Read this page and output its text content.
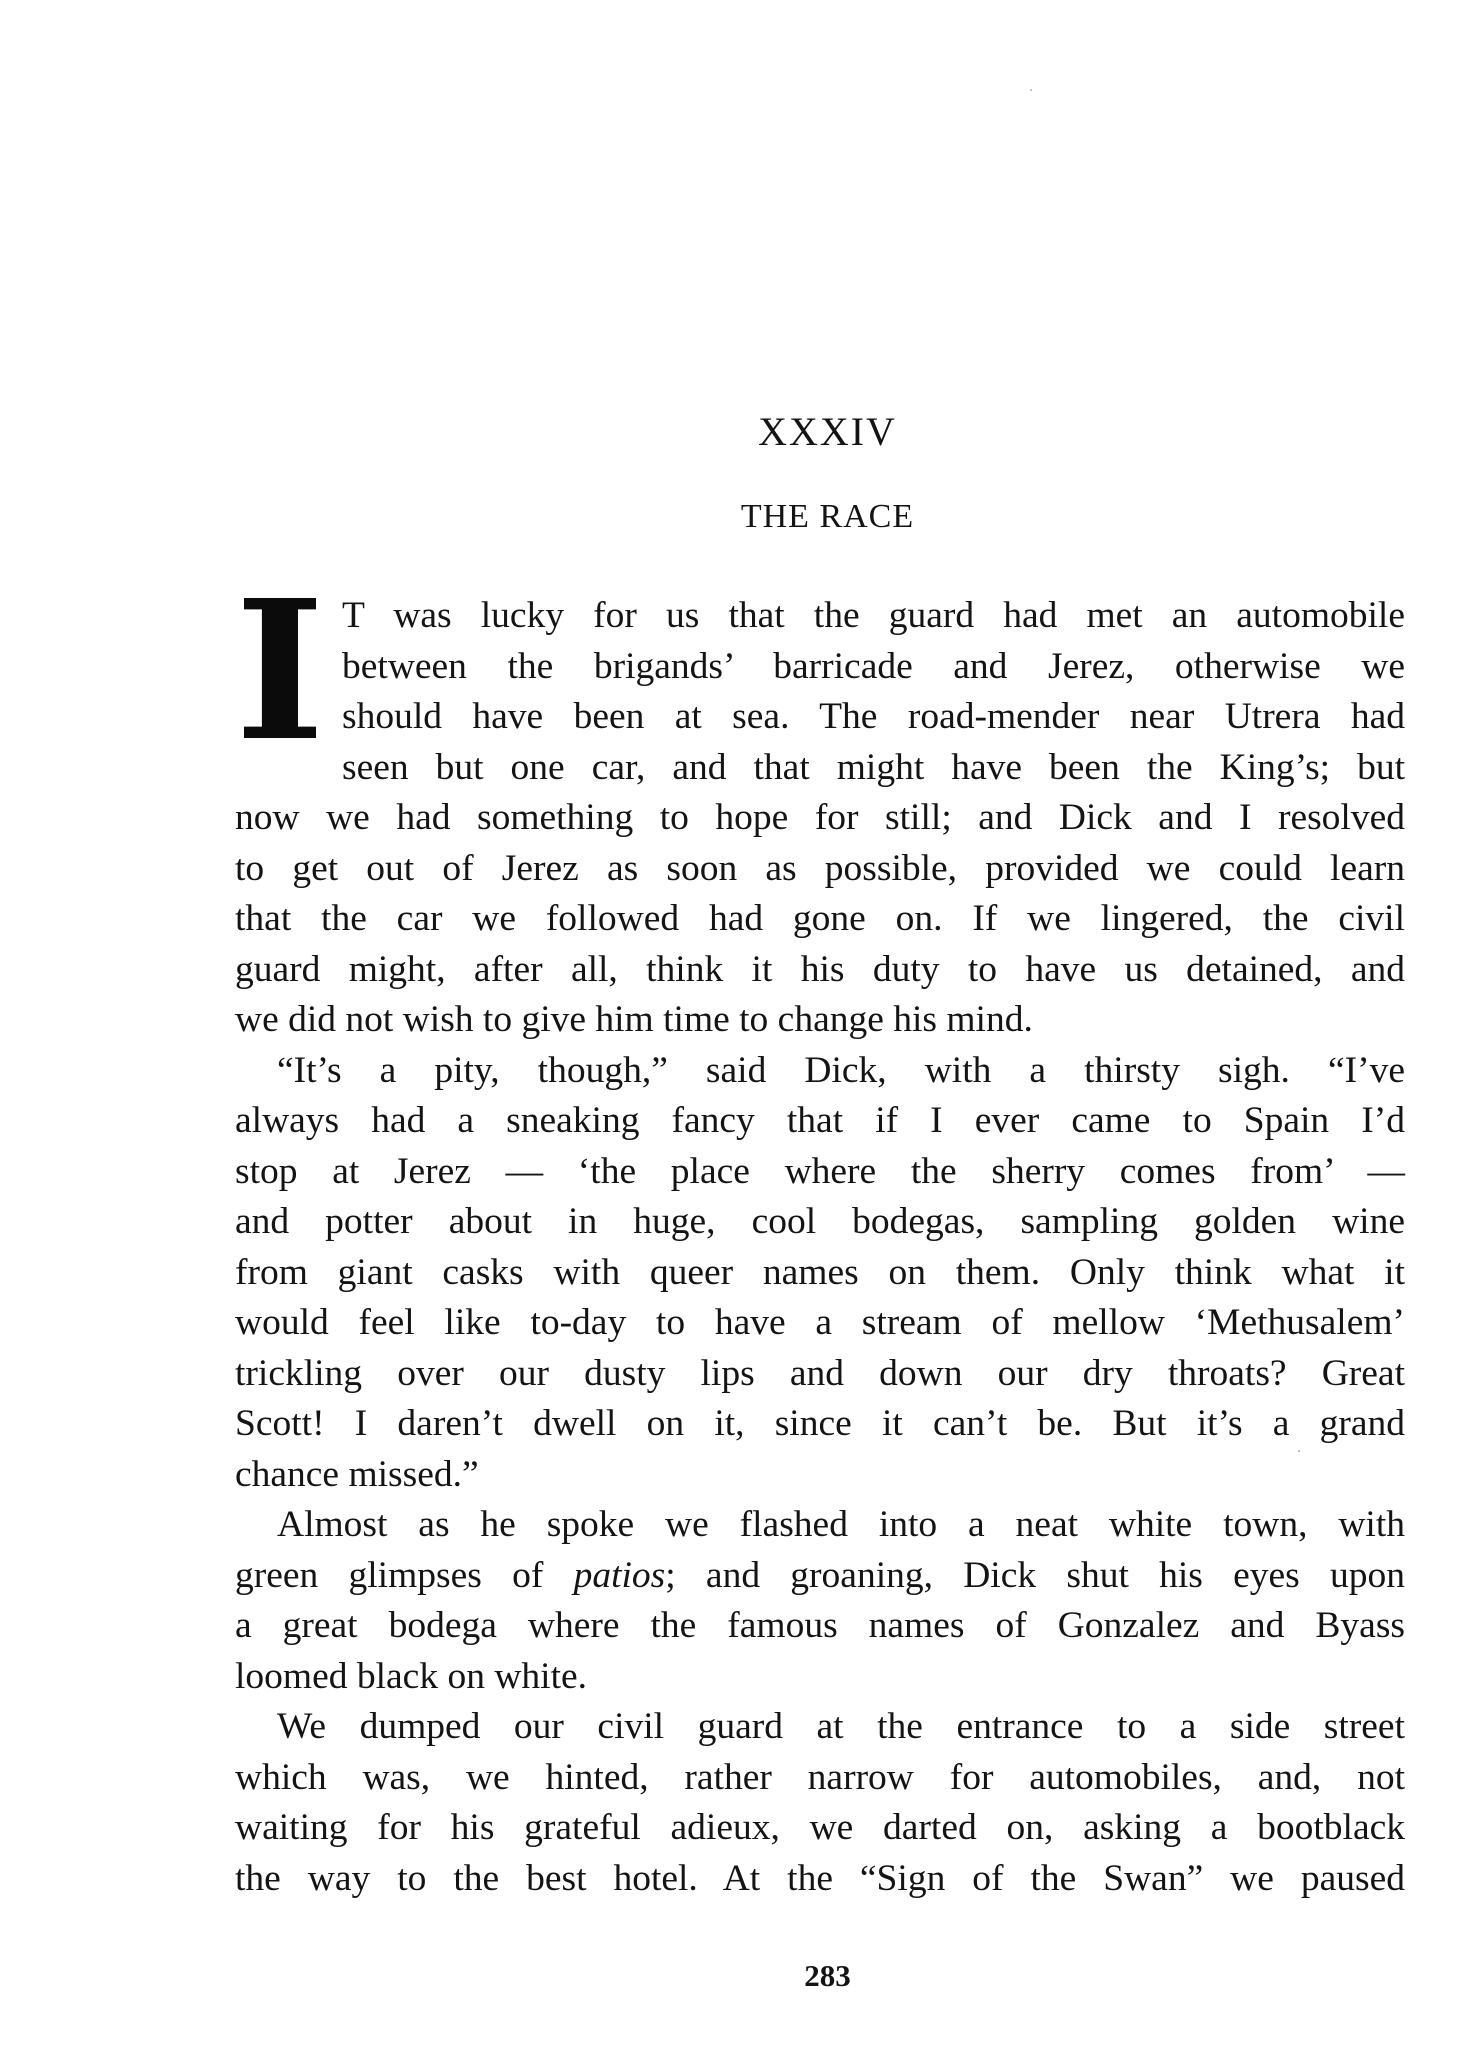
XXXIV
THE RACE
I T was lucky for us that the guard had met an automobile
between the brigands’ barricade and Jerez, otherwise we
should have been at sea. The road-mender near Utrera had
seen but one car, and that might have been the King’s; but
now we had something to hope for still; and Dick and I resolved
to get out of Jerez as soon as possible, provided we could learn
that the car we followed had gone on. If we lingered, the civil
guard might, after all, think it his duty to have us detained, and
we did not wish to give him time to change his mind.

“It’s a pity, though,” said Dick, with a thirsty sigh. “I’ve
always had a sneaking fancy that if I ever came to Spain I’d
stop at Jerez — ‘the place where the sherry comes from’ —
and potter about in huge, cool bodegas, sampling golden wine
from giant casks with queer names on them. Only think what it
would feel like to-day to have a stream of mellow ‘Methusalem’
trickling over our dusty lips and down our dry throats? Great
Scott! I daren’t dwell on it, since it can’t be. But it’s a grand
chance missed.”

Almost as he spoke we flashed into a neat white town, with
green glimpses of patios; and groaning, Dick shut his eyes upon
a great bodega where the famous names of Gonzalez and Byass
loomed black on white.

We dumped our civil guard at the entrance to a side street
which was, we hinted, rather narrow for automobiles, and, not
waiting for his grateful adieux, we darted on, asking a bootblack
the way to the best hotel. At the “Sign of the Swan” we paused

283
